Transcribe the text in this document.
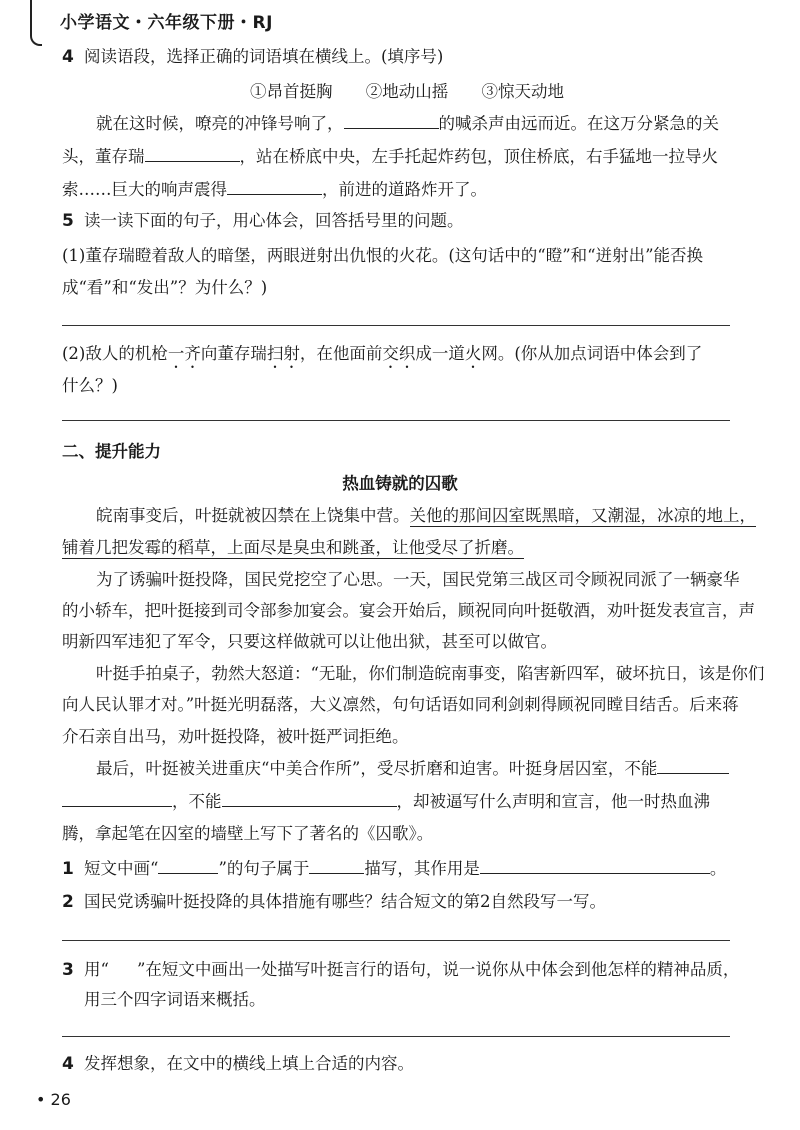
小学语文・六年级下册・RJ
4 阅读语段，选择正确的词语填在横线上。(填序号)
①昂首挺胸 ②地动山摇 ③惊天动地
就在这时候，嘹亮的冲锋号响了，	的喊杀声由远而近。在这万分紧急的关
头，董存瑞	，站在桥底中央，左手托起炸药包，顶住桥底，右手猛地一拉导火
索……巨大的响声震得	，前进的道路炸开了。
5 读一读下面的句子，用心体会，回答括号里的问题。
(1)董存瑞瞪着敌人的暗堡，两眼迸射出仇恨的火花。(这句话中的“瞪”和“迸射出”能否换
成“看”和“发出”？为什么？)
(2)敌人的机枪一齐向董存瑞扫射，在他面前交织成一道火网。(你从加点词语中体会到了
什么？)
二、提升能力
热血铸就的囚歌
皖南事变后，叶挺就被囚禁在上饶集中营。关他的那间囚室既黑暗，又潮湿，冰凉的地上，
铺着几把发霉的稻草，上面尽是臭虫和跳蚤，让他受尽了折磨。
为了诱骗叶挺投降，国民党挖空了心思。一天，国民党第三战区司令顾祝同派了一辆豪华
的小轿车，把叶挺接到司令部参加宴会。宴会开始后，顾祝同向叶挺敬酒，劝叶挺发表宣言，声
明新四军违犯了军令，只要这样做就可以让他出狱，甚至可以做官。
叶挺手拍桌子，勃然大怒道：“无耻，你们制造皖南事变，陷害新四军，破坏抗日，该是你们
向人民认罪才对。”叶挺光明磊落，大义凛然，句句话语如同利剑刺得顾祝同瞠目结舌。后来蒋
介石亲自出马，劝叶挺投降，被叶挺严词拒绝。
最后，叶挺被关进重庆“中美合作所”，受尽折磨和迫害。叶挺身居囚室，不能
，不能	，却被逼写什么声明和宣言，他一时热血沸
腾，拿起笔在囚室的墙壁上写下了著名的《囚歌》。
1 短文中画“	”的句子属于	描写，其作用是	。
2 国民党诱骗叶挺投降的具体措施有哪些？结合短文的第2自然段写一写。
3 用“ ”在短文中画出一处描写叶挺言行的语句，说一说你从中体会到他怎样的精神品质，
用三个四字词语来概括。
4 发挥想象，在文中的横线上填上合适的内容。
• 26
